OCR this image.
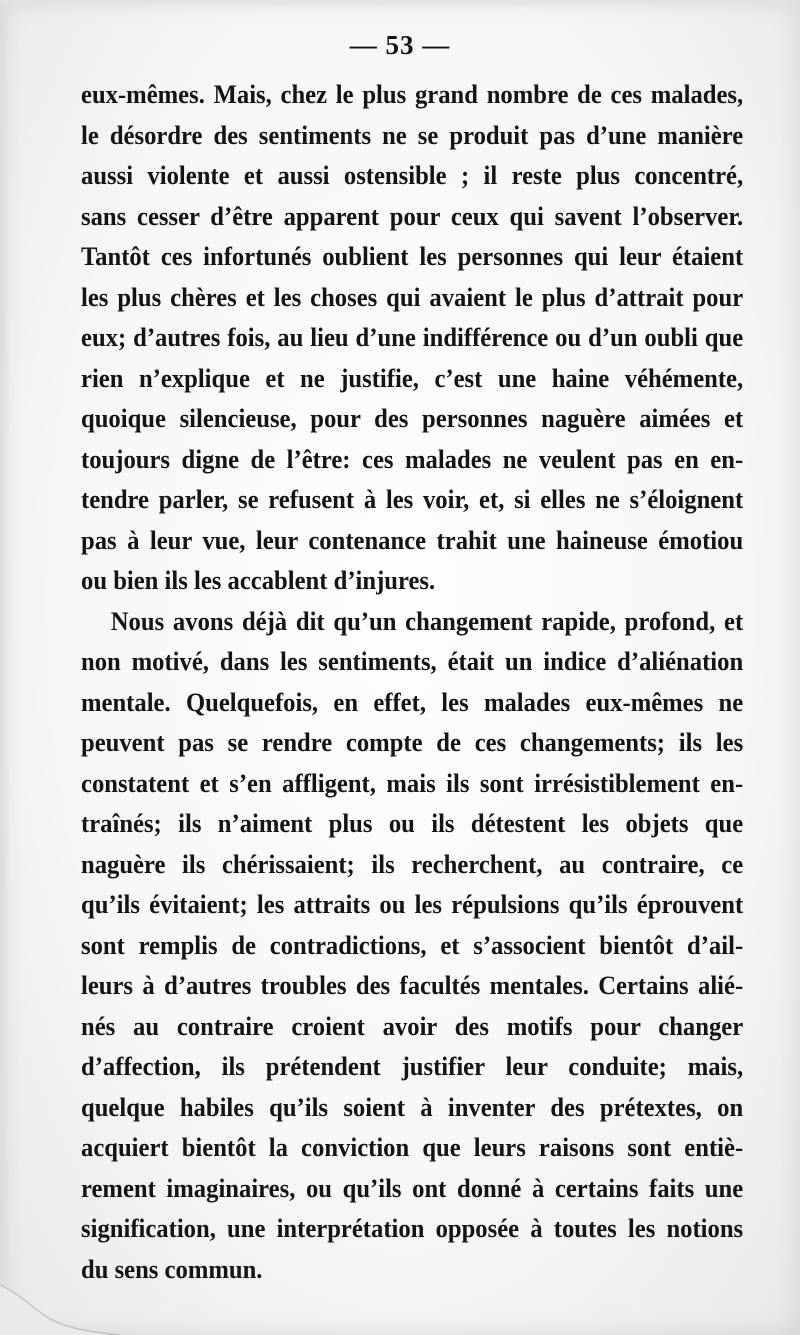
— 53 —
eux-mêmes. Mais, chez le plus grand nombre de ces malades,
le désordre des sentiments ne se produit pas d’une manière
aussi violente et aussi ostensible ; il reste plus concentré,
sans cesser d’être apparent pour ceux qui savent l’observer.
Tantôt ces infortunés oublient les personnes qui leur étaient
les plus chères et les choses qui avaient le plus d’attrait pour
eux; d’autres fois, au lieu d’une indifférence ou d’un oubli que
rien n’explique et ne justifie, c’est une haine véhémente,
quoique silencieuse, pour des personnes naguère aimées et
toujours digne de l’être: ces malades ne veulent pas en en-
tendre parler, se refusent à les voir, et, si elles ne s’éloignent
pas à leur vue, leur contenance trahit une haineuse émotiou
ou bien ils les accablent d’injures.
Nous avons déjà dit qu’un changement rapide, profond, et
non motivé, dans les sentiments, était un indice d’aliénation
mentale. Quelquefois, en effet, les malades eux-mêmes ne
peuvent pas se rendre compte de ces changements; ils les
constatent et s’en affligent, mais ils sont irrésistiblement en-
traînés; ils n’aiment plus ou ils détestent les objets que
naguère ils chérissaient; ils recherchent, au contraire, ce
qu’ils évitaient; les attraits ou les répulsions qu’ils éprouvent
sont remplis de contradictions, et s’associent bientôt d’ail-
leurs à d’autres troubles des facultés mentales. Certains alié-
nés au contraire croient avoir des motifs pour changer
d’affection, ils prétendent justifier leur conduite; mais,
quelque habiles qu’ils soient à inventer des prétextes, on
acquiert bientôt la conviction que leurs raisons sont entiè-
rement imaginaires, ou qu’ils ont donné à certains faits une
signification, une interprétation opposée à toutes les notions
du sens commun.
